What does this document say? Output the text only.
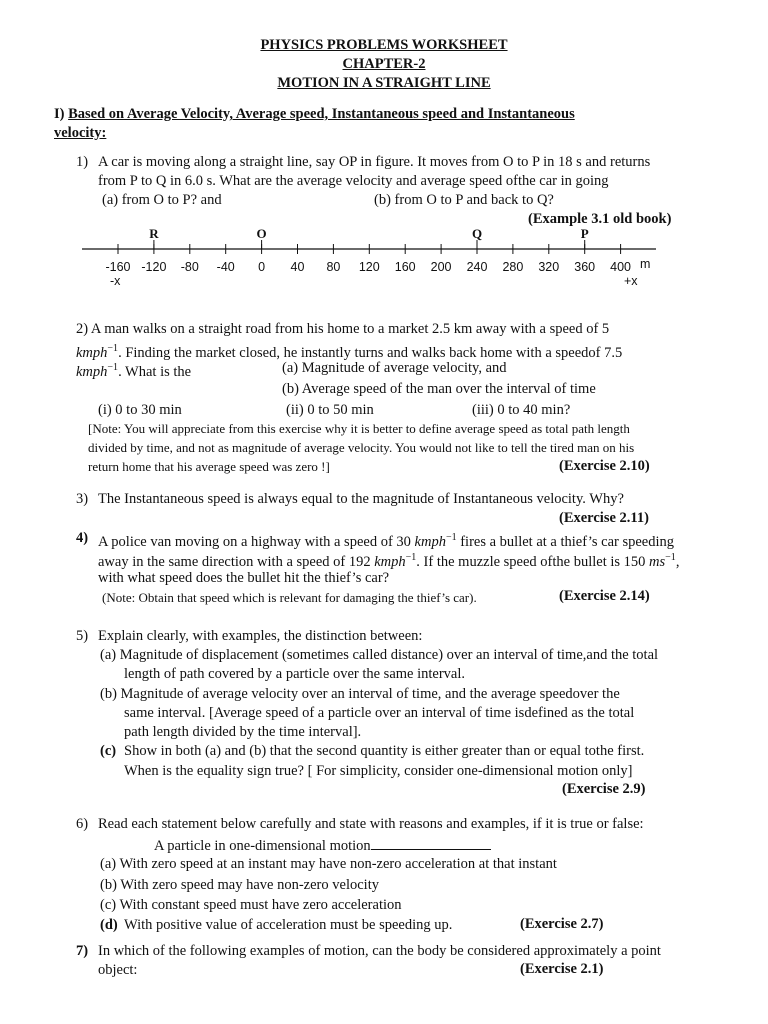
PHYSICS PROBLEMS WORKSHEET
CHAPTER-2
MOTION IN A STRAIGHT LINE
I) Based on Average Velocity, Average speed, Instantaneous speed and Instantaneous
velocity:
1) A car is moving along a straight line, say OP in figure. It moves from O to P in 18 s and returns
from P to Q in 6.0 s. What are the average velocity and average speed ofthe car in going
(a) from O to P? and	(b) from O to P and back to Q?
(Example 3.1 old book)
-160 -120 -80 -40 0 40 80 120 160 200 240 280 320 360 400
R	O	Q	P
m
-x	+x
2) A man walks on a straight road from his home to a market 2.5 km away with a speed of 5
kmph$^{-1}$. Finding the market closed, he instantly turns and walks back home with a speedof 7.5
kmph$^{-1}$. What is the	(a) Magnitude of average velocity, and
(b) Average speed of the man over the interval of time
(i) 0 to 30 min	(ii) 0 to 50 min	(iii) 0 to 40 min?
[Note: You will appreciate from this exercise why it is better to define average speed as total path length
divided by time, and not as magnitude of average velocity. You would not like to tell the tired man on his
return home that his average speed was zero !]	(Exercise 2.10)
3) The Instantaneous speed is always equal to the magnitude of Instantaneous velocity. Why?
(Exercise 2.11)
4) A police van moving on a highway with a speed of 30 kmph$^{-1}$ fires a bullet at a thief’s car speeding
away in the same direction with a speed of 192 kmph$^{-1}$. If the muzzle speed ofthe bullet is 150 $ms^{-1}$,
with what speed does the bullet hit the thief’s car?
(Note: Obtain that speed which is relevant for damaging the thief’s car).	(Exercise 2.14)
5) Explain clearly, with examples, the distinction between:
(a) Magnitude of displacement (sometimes called distance) over an interval of time,and the total
length of path covered by a particle over the same interval.
(b) Magnitude of average velocity over an interval of time, and the average speedover the
same interval. [Average speed of a particle over an interval of time isdefined as the total
path length divided by the time interval].
(c) Show in both (a) and (b) that the second quantity is either greater than or equal tothe first.
When is the equality sign true? [ For simplicity, consider one-dimensional motion only]
(Exercise 2.9)
6) Read each statement below carefully and state with reasons and examples, if it is true or false:
A particle in one-dimensional motion
(a) With zero speed at an instant may have non-zero acceleration at that instant
(b) With zero speed may have non-zero velocity
(c) With constant speed must have zero acceleration
(d) With positive value of acceleration must be speeding up.	(Exercise 2.7)
7) In which of the following examples of motion, can the body be considered approximately a point
object:	(Exercise 2.1)
